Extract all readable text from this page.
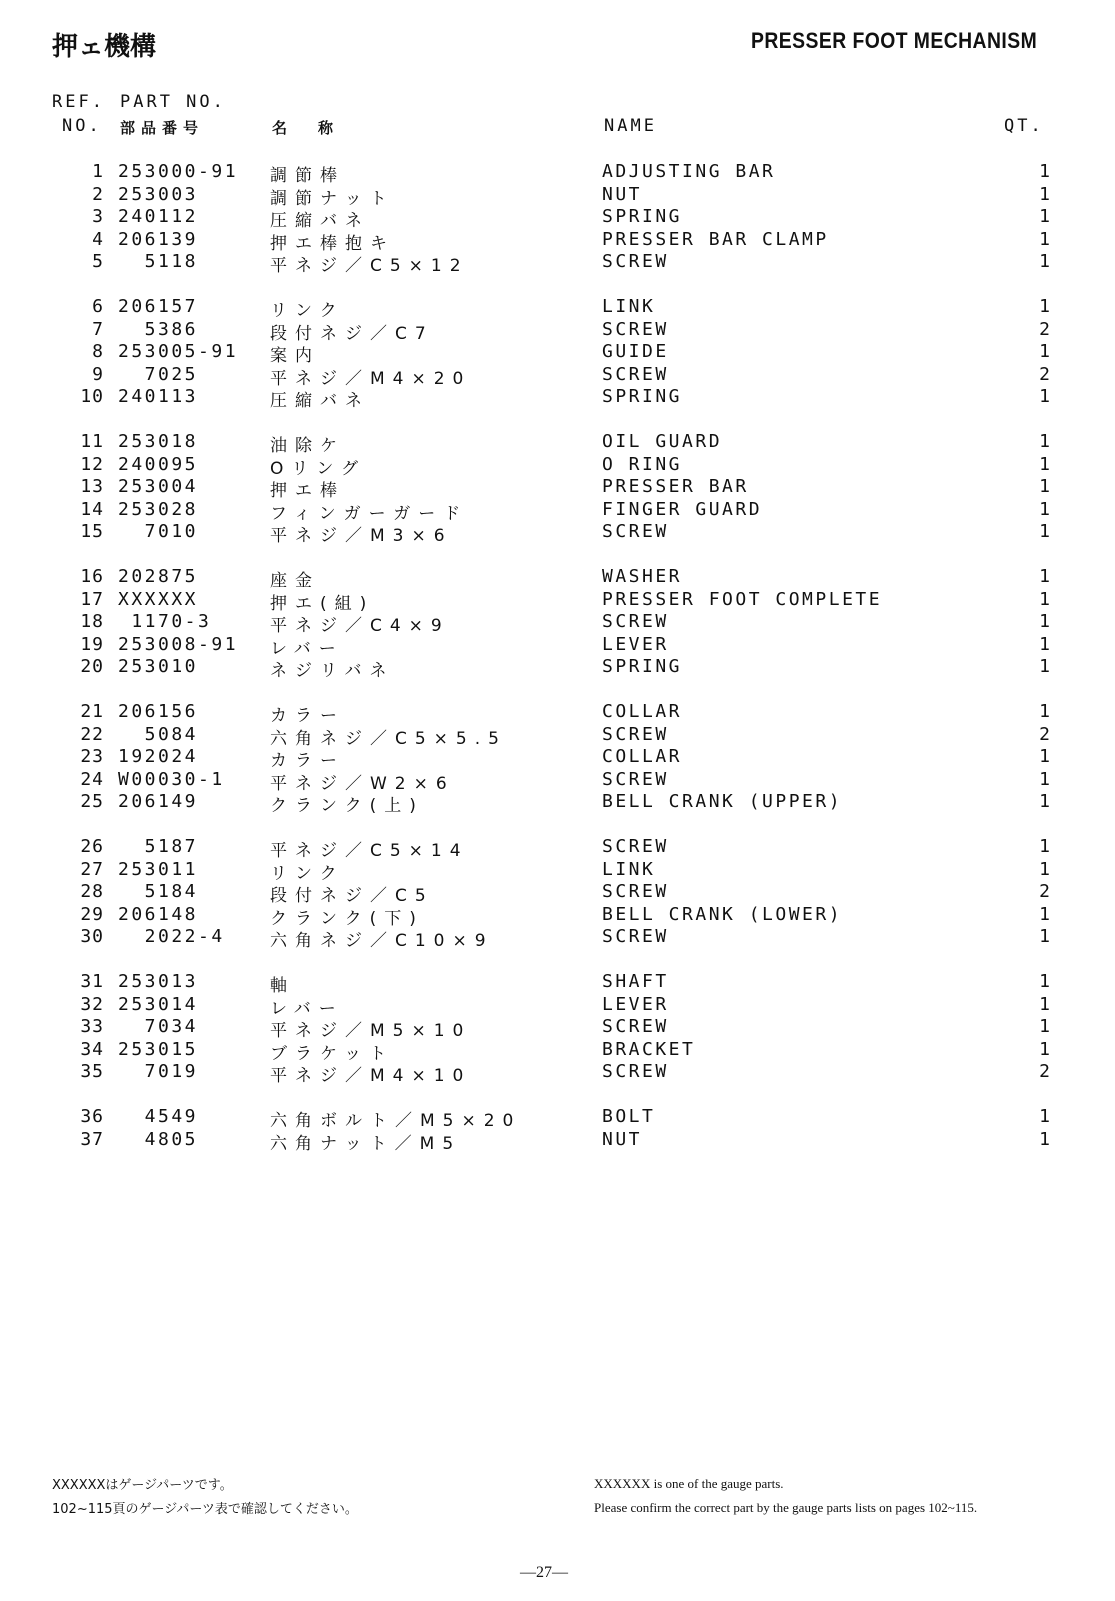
押ェ機構	PRESSER FOOT MECHANISM
REF.
NO.
PART NO.
部品番号	名　称	NAME	QT.
1 253000-91 調節棒	ADJUSTING BAR	1
2 253003	調節ナット	NUT	1
3 240112	圧縮バネ	SPRING	1
4 206139	押エ棒抱キ	PRESSER BAR CLAMP	1
5 5118	平ネジ／C5×12	SCREW	1
6 206157	リンク	LINK	1
7 5386	段付ネジ／C7	SCREW	2
8 253005-91 案内	GUIDE	1
9 7025	平ネジ／M4×20	SCREW	2
10 240113	圧縮バネ	SPRING	1
11 253018	油除ケ	OIL GUARD	1
12 240095	Oリング	O RING	1
13 253004	押エ棒	PRESSER BAR	1
14 253028	フィンガーガード	FINGER GUARD	1
15 7010	平ネジ／M3×6	SCREW	1
16 202875	座金	WASHER	1
17 XXXXXX	押エ(組)	PRESSER FOOT COMPLETE	1
18 1170-3	平ネジ／C4×9	SCREW	1
19 253008-91 レバー	LEVER	1
20 253010	ネジリバネ	SPRING	1
21 206156	カラー	COLLAR	1
22 5084	六角ネジ／C5×5.5	SCREW	2
23 192024	カラー	COLLAR	1
24 W00030-1	平ネジ／W2×6	SCREW	1
25 206149	クランク(上)	BELL CRANK (UPPER)	1
26 5187	平ネジ／C5×14	SCREW	1
27 253011	リンク	LINK	1
28 5184	段付ネジ／C5	SCREW	2
29 206148	クランク(下)	BELL CRANK (LOWER)	1
30 2022-4	六角ネジ／C10×9	SCREW	1
31 253013	軸	SHAFT	1
32 253014	レバー	LEVER	1
33 7034	平ネジ／M5×10	SCREW	1
34 253015	ブラケット	BRACKET	1
35 7019	平ネジ／M4×10	SCREW	2
36 4549	六角ボルト／M5×20	BOLT	1
37 4805	六角ナット／M5	NUT	1
XXXXXXはゲージパーツです。
102~115頁のゲージパーツ表で確認してください。
XXXXXX is one of the gauge parts.
Please confirm the correct part by the gauge parts lists on pages 102~115.
—27—
